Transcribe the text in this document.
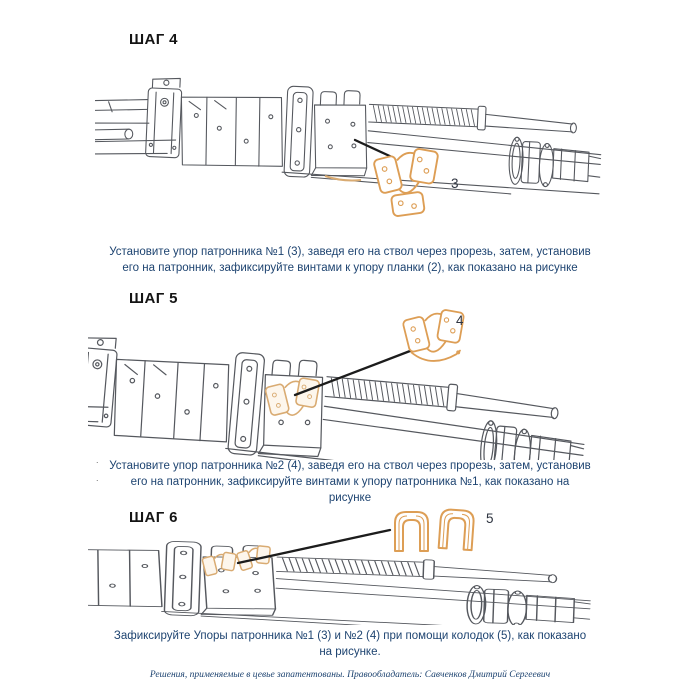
ШАГ 4
3
Установите упор патронника №1 (3), заведя его на ствол через прорезь, затем, установив
его на патронник, зафиксируйте винтами к упору планки (2), как показано на рисунке
ШАГ 5
4
.
.
Установите упор патронника №2 (4), заведя его на ствол через прорезь, затем, установив
его на патронник, зафиксируйте винтами к упору патронника №1, как показано на
рисунке
ШАГ 6	5
Зафиксируйте Упоры патронника №1 (3) и №2 (4) при помощи колодок (5), как показано
на рисунке.
Решения, применяемые в цевье запатентованы. Правообладатель: Савченков Дмитрий Сергеевич
